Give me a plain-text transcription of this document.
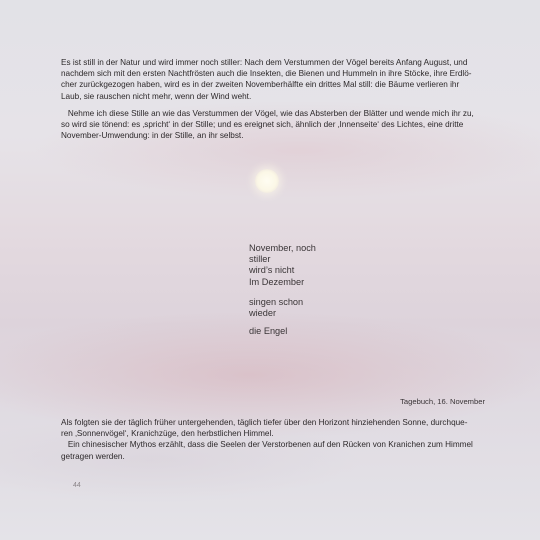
Es ist still in der Natur und wird immer noch stiller: Nach dem Verstummen der Vögel bereits Anfang August, und
nachdem sich mit den ersten Nachtfrösten auch die Insekten, die Bienen und Hummeln in ihre Stöcke, ihre Erdlö-
cher zurückgezogen haben, wird es in der zweiten Novemberhälfte ein drittes Mal still: die Bäume verlieren ihr
Laub, sie rauschen nicht mehr, wenn der Wind weht.

Nehme ich diese Stille an wie das Verstummen der Vögel, wie das Absterben der Blätter und wende mich ihr zu,
so wird sie tönend: es ‚spricht‘ in der Stille; und es ereignet sich, ähnlich der ‚Innenseite‘ des Lichtes, eine dritte
November-Umwendung: in der Stille, an ihr selbst.

November, noch
stiller
wird’s nicht
Im Dezember
singen schon
wieder
die Engel
Tagebuch, 16. November

Als folgten sie der täglich früher untergehenden, täglich tiefer über den Horizont hinziehenden Sonne, durchque-
ren ‚Sonnenvögel‘, Kranichzüge, den herbstlichen Himmel.
Ein chinesischer Mythos erzählt, dass die Seelen der Verstorbenen auf den Rücken von Kranichen zum Himmel
getragen werden.

44
